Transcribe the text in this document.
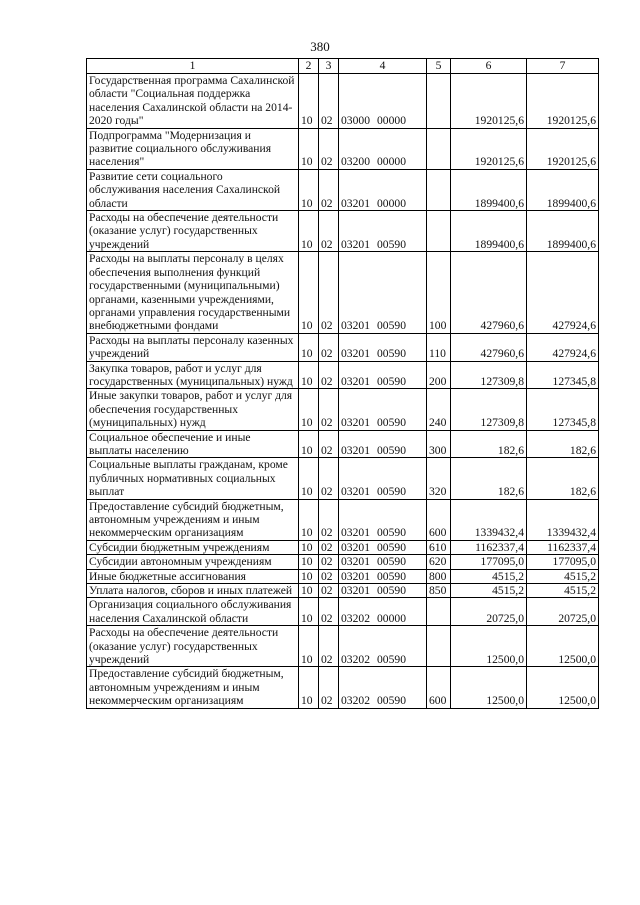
380
1	2	3	4	5	6	7
Государственная программа Сахалинской области "Социальная поддержка населения Сахалинской области на 2014-2020 годы"	10	02	03000 00000		1920125,6	1920125,6
Подпрограмма "Модернизация и развитие социального обслуживания населения"	10	02	03200 00000		1920125,6	1920125,6
Развитие сети социального обслуживания населения Сахалинской области	10	02	03201 00000		1899400,6	1899400,6
Расходы на обеспечение деятельности (оказание услуг) государственных учреждений	10	02	03201 00590		1899400,6	1899400,6
Расходы на выплаты персоналу в целях обеспечения выполнения функций государственными (муниципальными) органами, казенными учреждениями, органами управления государственными внебюджетными фондами	10	02	03201 00590	100	427960,6	427924,6
Расходы на выплаты персоналу казенных учреждений	10	02	03201 00590	110	427960,6	427924,6
Закупка товаров, работ и услуг для государственных (муниципальных) нужд	10	02	03201 00590	200	127309,8	127345,8
Иные закупки товаров, работ и услуг для обеспечения государственных (муниципальных) нужд	10	02	03201 00590	240	127309,8	127345,8
Социальное обеспечение и иные выплаты населению	10	02	03201 00590	300	182,6	182,6
Социальные выплаты гражданам, кроме публичных нормативных социальных выплат	10	02	03201 00590	320	182,6	182,6
Предоставление субсидий бюджетным, автономным учреждениям и иным некоммерческим организациям	10	02	03201 00590	600	1339432,4	1339432,4
Субсидии бюджетным учреждениям	10	02	03201 00590	610	1162337,4	1162337,4
Субсидии автономным учреждениям	10	02	03201 00590	620	177095,0	177095,0
Иные бюджетные ассигнования	10	02	03201 00590	800	4515,2	4515,2
Уплата налогов, сборов и иных платежей	10	02	03201 00590	850	4515,2	4515,2
Организация социального обслуживания населения Сахалинской области	10	02	03202 00000		20725,0	20725,0
Расходы на обеспечение деятельности (оказание услуг) государственных учреждений	10	02	03202 00590		12500,0	12500,0
Предоставление субсидий бюджетным, автономным учреждениям и иным некоммерческим организациям	10	02	03202 00590	600	12500,0	12500,0
